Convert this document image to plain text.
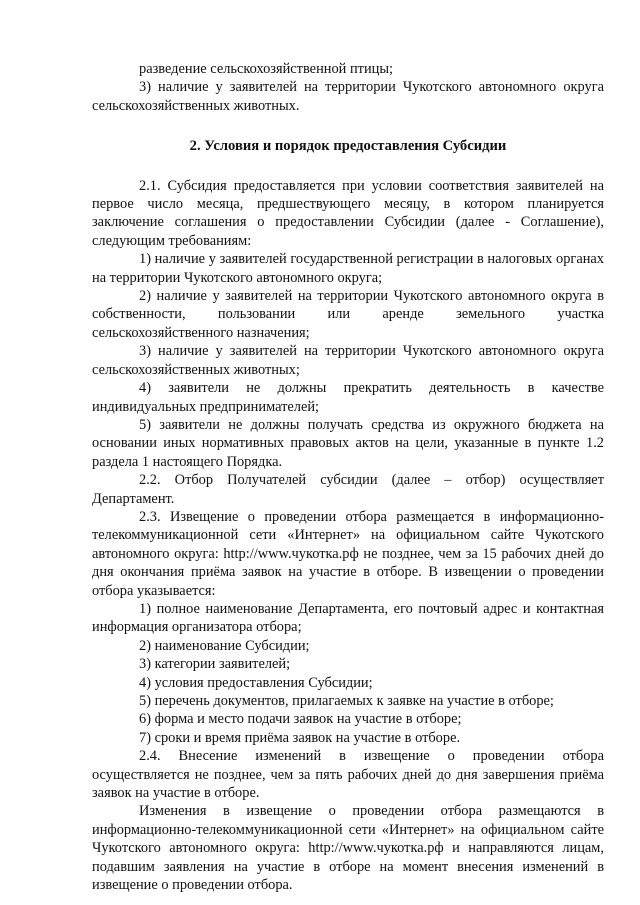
разведение сельскохозяйственной птицы;

3) наличие у заявителей на территории Чукотского автономного округа сельскохозяйственных животных.

2. Условия и порядок предоставления Субсидии

2.1. Субсидия предоставляется при условии соответствия заявителей на первое число месяца, предшествующего месяцу, в котором планируется заключение соглашения о предоставлении Субсидии (далее - Соглашение), следующим требованиям:

1) наличие у заявителей государственной регистрации в налоговых органах на территории Чукотского автономного округа;

2) наличие у заявителей на территории Чукотского автономного округа в собственности, пользовании или аренде земельного участка сельскохозяйственного назначения;

3) наличие у заявителей на территории Чукотского автономного округа сельскохозяйственных животных;

4) заявители не должны прекратить деятельность в качестве индивидуальных предпринимателей;

5) заявители не должны получать средства из окружного бюджета на основании иных нормативных правовых актов на цели, указанные в пункте 1.2 раздела 1 настоящего Порядка.

2.2. Отбор Получателей субсидии (далее – отбор) осуществляет Департамент.

2.3. Извещение о проведении отбора размещается в информационно-телекоммуникационной сети «Интернет» на официальном сайте Чукотского автономного округа: http://www.чукотка.рф не позднее, чем за 15 рабочих дней до дня окончания приёма заявок на участие в отборе. В извещении о проведении отбора указывается:

1) полное наименование Департамента, его почтовый адрес и контактная информация организатора отбора;

2) наименование Субсидии;

3) категории заявителей;

4) условия предоставления Субсидии;

5) перечень документов, прилагаемых к заявке на участие в отборе;

6) форма и место подачи заявок на участие в отборе;

7) сроки и время приёма заявок на участие в отборе.

2.4. Внесение изменений в извещение о проведении отбора осуществляется не позднее, чем за пять рабочих дней до дня завершения приёма заявок на участие в отборе.

Изменения в извещение о проведении отбора размещаются в информационно-телекоммуникационной сети «Интернет» на официальном сайте Чукотского автономного округа: http://www.чукотка.рф и направляются лицам, подавшим заявления на участие в отборе на момент внесения изменений в извещение о проведении отбора.
